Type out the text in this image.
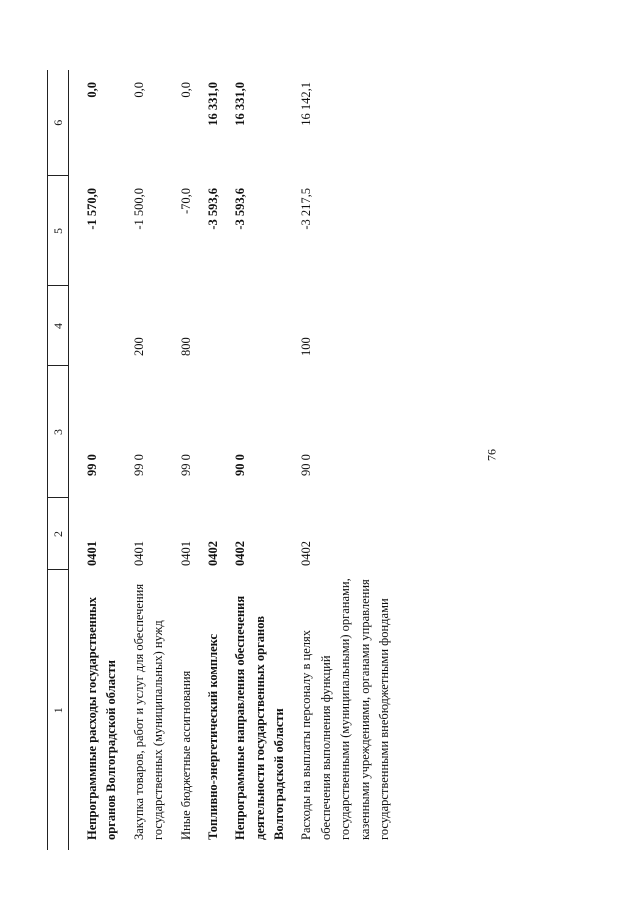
76
1	2	3	4	5	6
Непрограммные расходы государственных органов Волгоградской области	0401	99 0		-1 570,0	0,0
Закупка товаров, работ и услуг для обеспечения государственных (муниципальных) нужд	0401	99 0	200	-1 500,0	0,0
Иные бюджетные ассигнования	0401	99 0	800	-70,0	0,0
Топливно-энергетический комплекс	0402			-3 593,6	16 331,0
Непрограммные направления обеспечения деятельности государственных органов Волгоградской области	0402	90 0		-3 593,6	16 331,0
Расходы на выплаты персоналу в целях обеспечения выполнения функций государственными (муниципальными) органами, казенными учреждениями, органами управления государственными внебюджетными фондами	0402	90 0	100	-3 217,5	16 142,1
